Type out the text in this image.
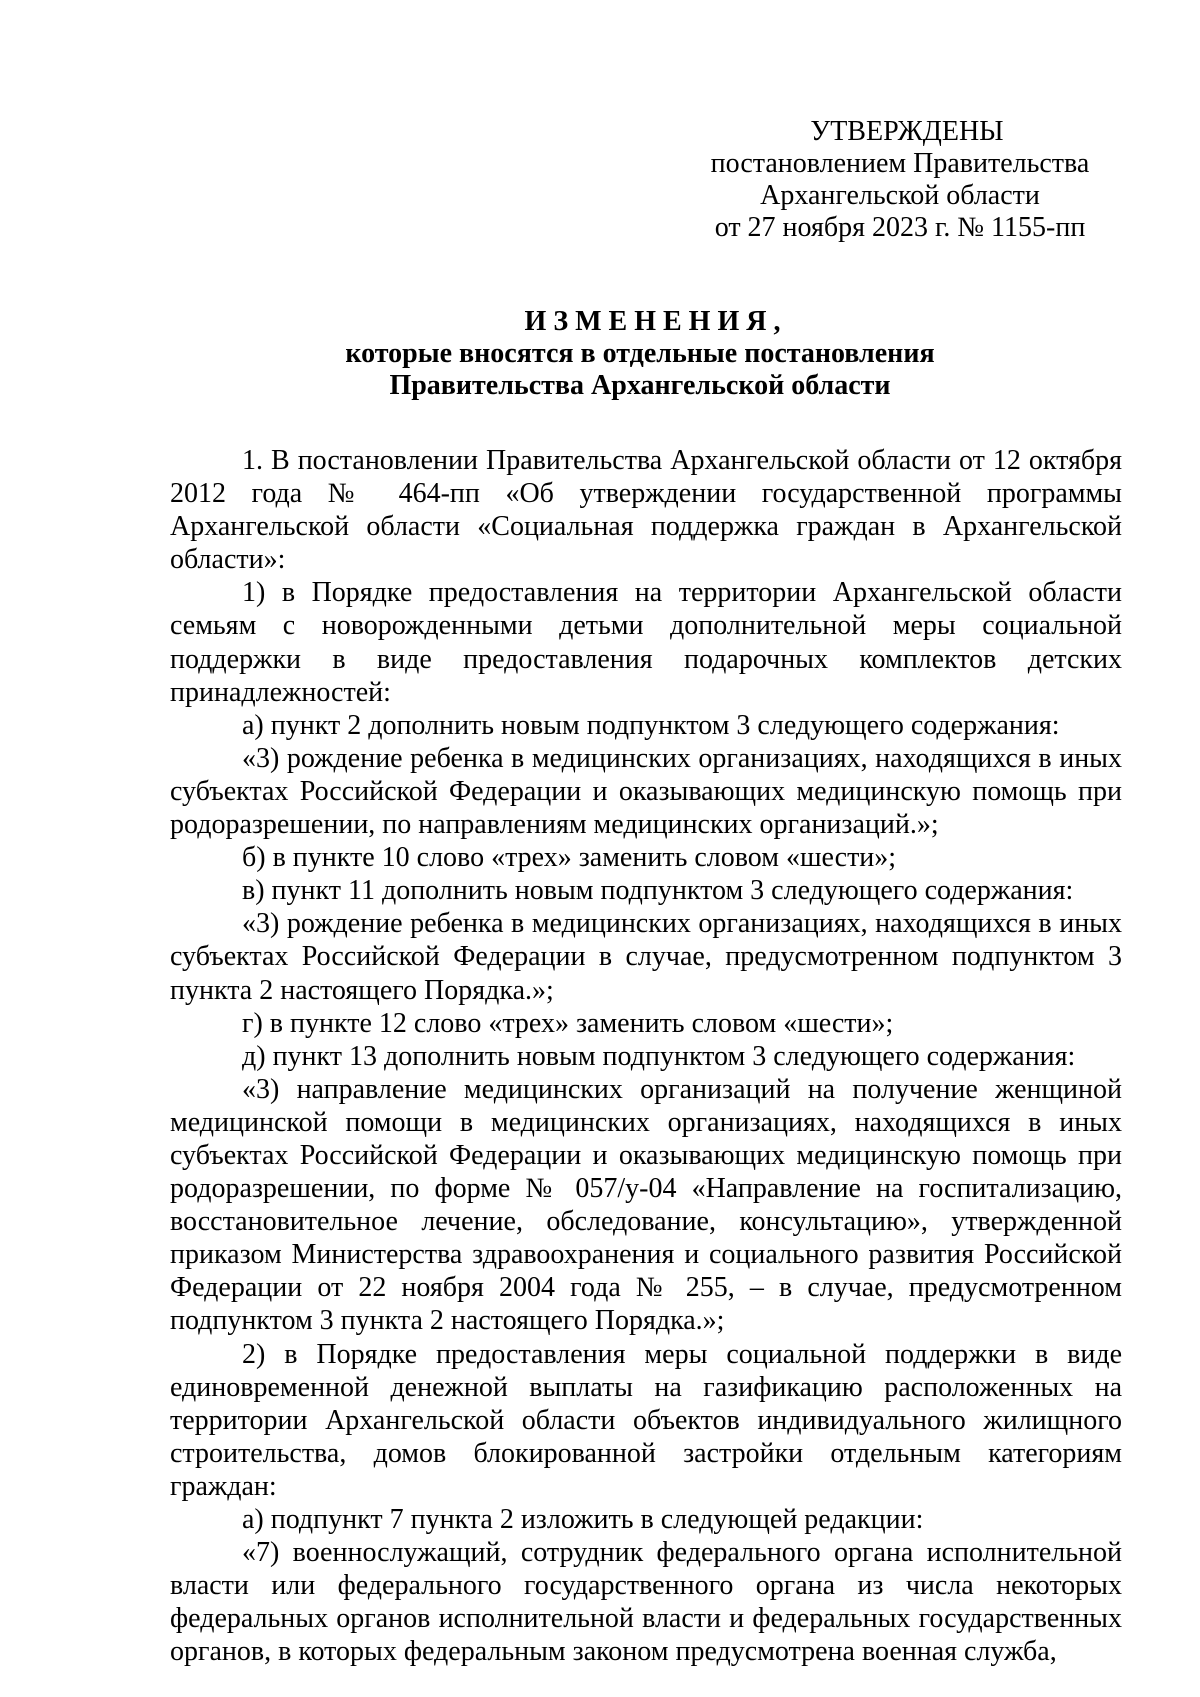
УТВЕРЖДЕНЫ
постановлением Правительства
Архангельской области
от 27 ноября 2023 г. № 1155-пп
ИЗМЕНЕНИЯ,
которые вносятся в отдельные постановления
Правительства Архангельской области

1. В постановлении Правительства Архангельской области от 12 октября 2012 года № 464-пп «Об утверждении государственной программы Архангельской области «Социальная поддержка граждан в Архангельской области»:

1) в Порядке предоставления на территории Архангельской области семьям с новорожденными детьми дополнительной меры социальной поддержки в виде предоставления подарочных комплектов детских принадлежностей:

а) пункт 2 дополнить новым подпунктом 3 следующего содержания:

«3) рождение ребенка в медицинских организациях, находящихся в иных субъектах Российской Федерации и оказывающих медицинскую помощь при родоразрешении, по направлениям медицинских организаций.»;

б) в пункте 10 слово «трех» заменить словом «шести»;

в) пункт 11 дополнить новым подпунктом 3 следующего содержания:

«3) рождение ребенка в медицинских организациях, находящихся в иных субъектах Российской Федерации в случае, предусмотренном подпунктом 3 пункта 2 настоящего Порядка.»;

г) в пункте 12 слово «трех» заменить словом «шести»;

д) пункт 13 дополнить новым подпунктом 3 следующего содержания:

«3) направление медицинских организаций на получение женщиной медицинской помощи в медицинских организациях, находящихся в иных субъектах Российской Федерации и оказывающих медицинскую помощь при родоразрешении, по форме № 057/у-04 «Направление на госпитализацию, восстановительное лечение, обследование, консультацию», утвержденной приказом Министерства здравоохранения и социального развития Российской Федерации от 22 ноября 2004 года № 255, – в случае, предусмотренном подпунктом 3 пункта 2 настоящего Порядка.»;

2) в Порядке предоставления меры социальной поддержки в виде единовременной денежной выплаты на газификацию расположенных на территории Архангельской области объектов индивидуального жилищного строительства, домов блокированной застройки отдельным категориям граждан:

а) подпункт 7 пункта 2 изложить в следующей редакции:

«7) военнослужащий, сотрудник федерального органа исполнительной власти или федерального государственного органа из числа некоторых федеральных органов исполнительной власти и федеральных государственных органов, в которых федеральным законом предусмотрена военная служба,
